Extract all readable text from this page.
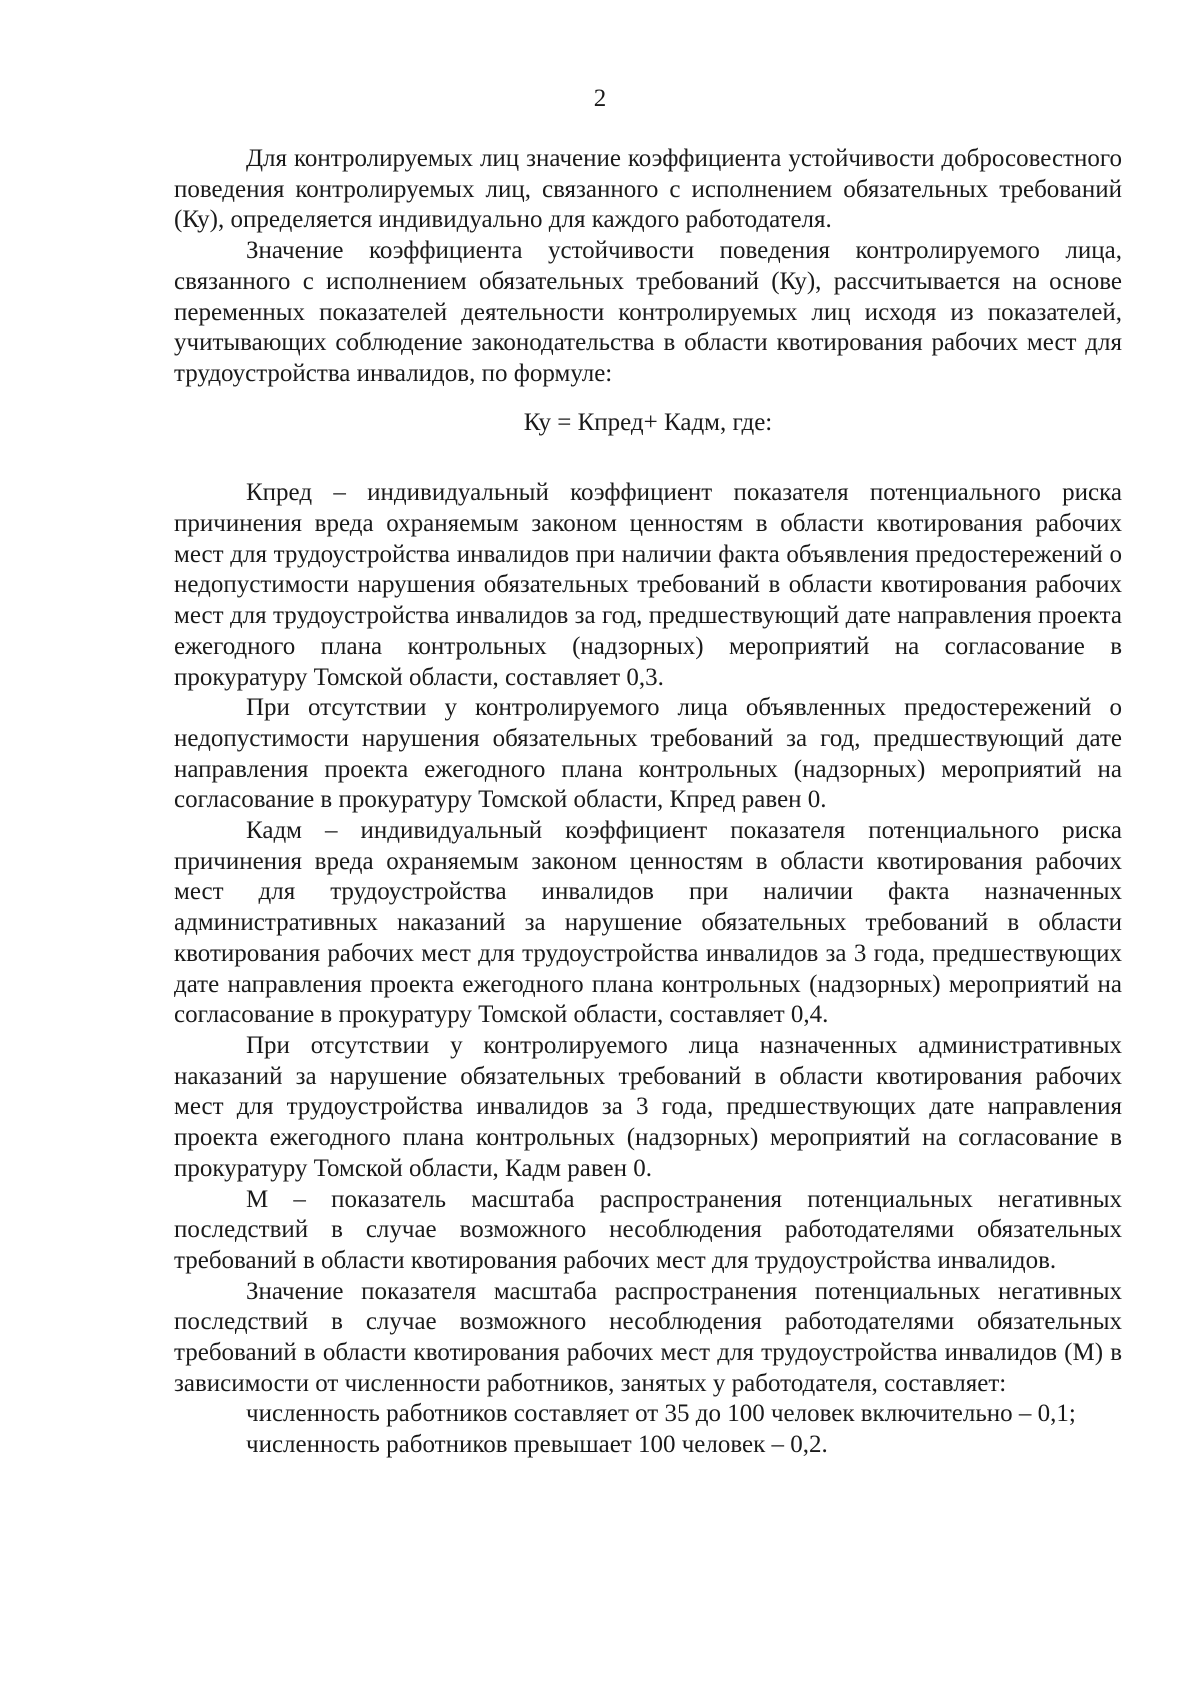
2

Для контролируемых лиц значение коэффициента устойчивости добросовестного поведения контролируемых лиц, связанного с исполнением обязательных требований (Ку), определяется индивидуально для каждого работодателя.

Значение коэффициента устойчивости поведения контролируемого лица, связанного с исполнением обязательных требований (Ку), рассчитывается на основе переменных показателей деятельности контролируемых лиц исходя из показателей, учитывающих соблюдение законодательства в области квотирования рабочих мест для трудоустройства инвалидов, по формуле:

Ку = Кпред+ Кадм, где:

Кпред – индивидуальный коэффициент показателя потенциального риска причинения вреда охраняемым законом ценностям в области квотирования рабочих мест для трудоустройства инвалидов при наличии факта объявления предостережений о недопустимости нарушения обязательных требований в области квотирования рабочих мест для трудоустройства инвалидов за год, предшествующий дате направления проекта ежегодного плана контрольных (надзорных) мероприятий на согласование в прокуратуру Томской области, составляет 0,3.

При отсутствии у контролируемого лица объявленных предостережений о недопустимости нарушения обязательных требований за год, предшествующий дате направления проекта ежегодного плана контрольных (надзорных) мероприятий на согласование в прокуратуру Томской области, Кпред равен 0.

Кадм – индивидуальный коэффициент показателя потенциального риска причинения вреда охраняемым законом ценностям в области квотирования рабочих мест для трудоустройства инвалидов при наличии факта назначенных административных наказаний за нарушение обязательных требований в области квотирования рабочих мест для трудоустройства инвалидов за 3 года, предшествующих дате направления проекта ежегодного плана контрольных (надзорных) мероприятий на согласование в прокуратуру Томской области, составляет 0,4.

При отсутствии у контролируемого лица назначенных административных наказаний за нарушение обязательных требований в области квотирования рабочих мест для трудоустройства инвалидов за 3 года, предшествующих дате направления проекта ежегодного плана контрольных (надзорных) мероприятий на согласование в прокуратуру Томской области, Кадм равен 0.

М – показатель масштаба распространения потенциальных негативных последствий в случае возможного несоблюдения работодателями обязательных требований в области квотирования рабочих мест для трудоустройства инвалидов.

Значение показателя масштаба распространения потенциальных негативных последствий в случае возможного несоблюдения работодателями обязательных требований в области квотирования рабочих мест для трудоустройства инвалидов (М) в зависимости от численности работников, занятых у работодателя, составляет:

численность работников составляет от 35 до 100 человек включительно – 0,1;

численность работников превышает 100 человек – 0,2.
